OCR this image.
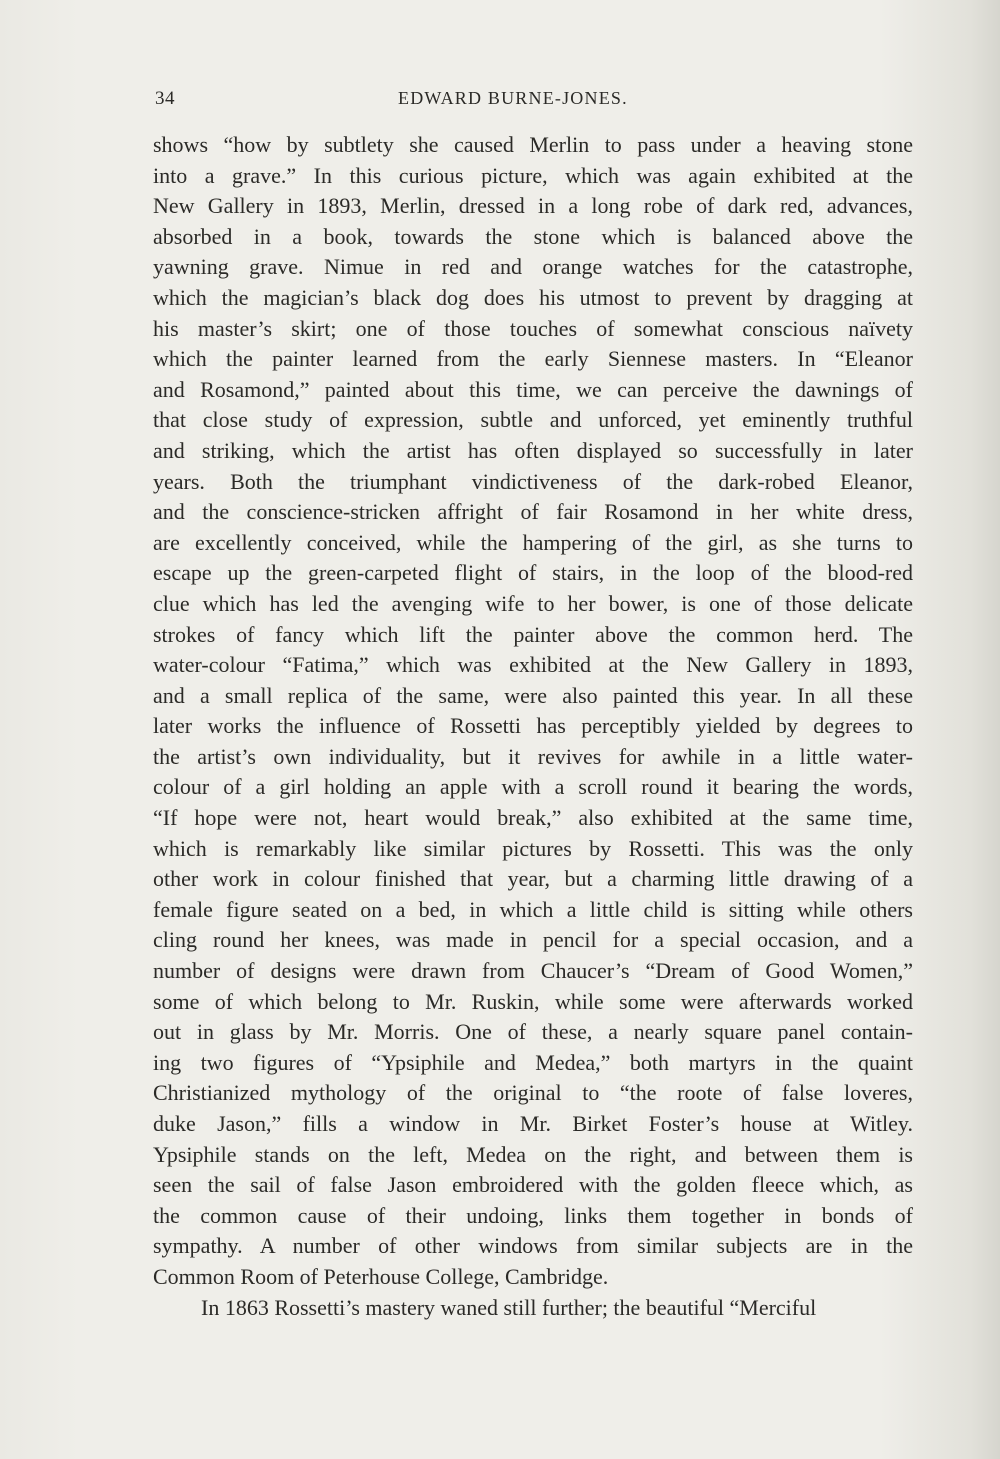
34	EDWARD BURNE-JONES.
shows “how by subtlety she caused Merlin to pass under a heaving stone
into a grave.” In this curious picture, which was again exhibited at the
New Gallery in 1893, Merlin, dressed in a long robe of dark red, advances,
absorbed in a book, towards the stone which is balanced above the
yawning grave. Nimue in red and orange watches for the catastrophe,
which the magician’s black dog does his utmost to prevent by dragging at
his master’s skirt; one of those touches of somewhat conscious naïvety
which the painter learned from the early Siennese masters. In “Eleanor
and Rosamond,” painted about this time, we can perceive the dawnings of
that close study of expression, subtle and unforced, yet eminently truthful
and striking, which the artist has often displayed so successfully in later
years. Both the triumphant vindictiveness of the dark-robed Eleanor,
and the conscience-stricken affright of fair Rosamond in her white dress,
are excellently conceived, while the hampering of the girl, as she turns to
escape up the green-carpeted flight of stairs, in the loop of the blood-red
clue which has led the avenging wife to her bower, is one of those delicate
strokes of fancy which lift the painter above the common herd. The
water-colour “Fatima,” which was exhibited at the New Gallery in 1893,
and a small replica of the same, were also painted this year. In all these
later works the influence of Rossetti has perceptibly yielded by degrees to
the artist’s own individuality, but it revives for awhile in a little water-
colour of a girl holding an apple with a scroll round it bearing the words,
“If hope were not, heart would break,” also exhibited at the same time,
which is remarkably like similar pictures by Rossetti. This was the only
other work in colour finished that year, but a charming little drawing of a
female figure seated on a bed, in which a little child is sitting while others
cling round her knees, was made in pencil for a special occasion, and a
number of designs were drawn from Chaucer’s “Dream of Good Women,”
some of which belong to Mr. Ruskin, while some were afterwards worked
out in glass by Mr. Morris. One of these, a nearly square panel contain-
ing two figures of “Ypsiphile and Medea,” both martyrs in the quaint
Christianized mythology of the original to “the roote of false loveres,
duke Jason,” fills a window in Mr. Birket Foster’s house at Witley.
Ypsiphile stands on the left, Medea on the right, and between them is
seen the sail of false Jason embroidered with the golden fleece which, as
the common cause of their undoing, links them together in bonds of
sympathy. A number of other windows from similar subjects are in the
Common Room of Peterhouse College, Cambridge.
In 1863 Rossetti’s mastery waned still further; the beautiful “Merciful
